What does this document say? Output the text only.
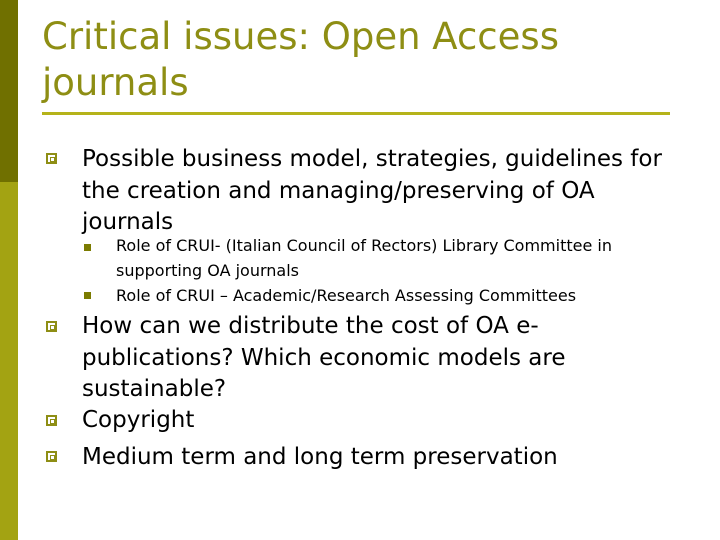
Critical issues: Open Access journals

Possible business model, strategies, guidelines for the creation and managing/preserving of OA journals

Role of CRUI- (Italian Council of Rectors) Library Committee in supporting OA journals

Role of CRUI – Academic/Research Assessing Committees

How can we distribute the cost of OA e-publications? Which economic models are sustainable?

Copyright

Medium term and long term preservation
